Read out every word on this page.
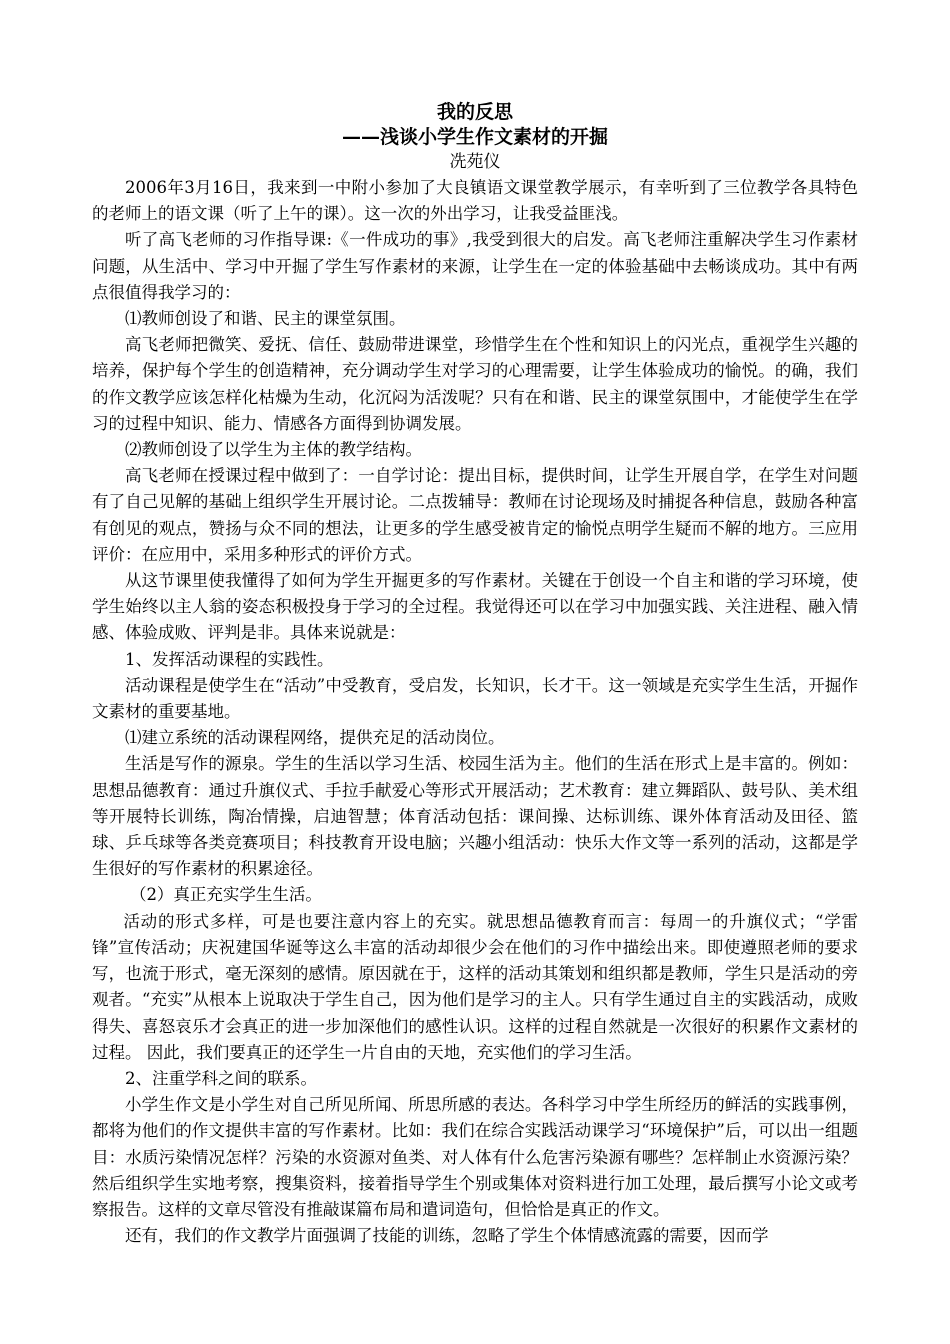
我的反思
——浅谈小学生作文素材的开掘
冼苑仪

2006年3月16日，我来到一中附小参加了大良镇语文课堂教学展示，有幸听到了三位教学各具特色的老师上的语文课（听了上午的课）。这一次的外出学习，让我受益匪浅。

听了高飞老师的习作指导课:《一件成功的事》,我受到很大的启发。高飞老师注重解决学生习作素材问题，从生活中、学习中开掘了学生写作素材的来源，让学生在一定的体验基础中去畅谈成功。其中有两点很值得我学习的：

⑴教师创设了和谐、民主的课堂氛围。

高飞老师把微笑、爱抚、信任、鼓励带进课堂，珍惜学生在个性和知识上的闪光点，重视学生兴趣的培养，保护每个学生的创造精神，充分调动学生对学习的心理需要，让学生体验成功的愉悦。的确，我们的作文教学应该怎样化枯燥为生动，化沉闷为活泼呢？只有在和谐、民主的课堂氛围中，才能使学生在学习的过程中知识、能力、情感各方面得到协调发展。

⑵教师创设了以学生为主体的教学结构。

高飞老师在授课过程中做到了：一自学讨论：提出目标，提供时间，让学生开展自学，在学生对问题有了自己见解的基础上组织学生开展讨论。二点拨辅导：教师在讨论现场及时捕捉各种信息，鼓励各种富有创见的观点，赞扬与众不同的想法，让更多的学生感受被肯定的愉悦点明学生疑而不解的地方。三应用评价：在应用中，采用多种形式的评价方式。

从这节课里使我懂得了如何为学生开掘更多的写作素材。关键在于创设一个自主和谐的学习环境，使学生始终以主人翁的姿态积极投身于学习的全过程。我觉得还可以在学习中加强实践、关注进程、融入情感、体验成败、评判是非。具体来说就是：

1、发挥活动课程的实践性。

活动课程是使学生在“活动”中受教育，受启发，长知识，长才干。这一领域是充实学生生活，开掘作文素材的重要基地。

⑴建立系统的活动课程网络，提供充足的活动岗位。

生活是写作的源泉。学生的生活以学习生活、校园生活为主。他们的生活在形式上是丰富的。例如：思想品德教育：通过升旗仪式、手拉手献爱心等形式开展活动；艺术教育：建立舞蹈队、鼓号队、美术组等开展特长训练，陶冶情操，启迪智慧；体育活动包括：课间操、达标训练、课外体育活动及田径、篮球、乒乓球等各类竞赛项目；科技教育开设电脑；兴趣小组活动：快乐大作文等一系列的活动，这都是学生很好的写作素材的积累途径。

（2）真正充实学生生活。

活动的形式多样，可是也要注意内容上的充实。就思想品德教育而言：每周一的升旗仪式；“学雷锋”宣传活动；庆祝建国华诞等这么丰富的活动却很少会在他们的习作中描绘出来。即使遵照老师的要求写，也流于形式，毫无深刻的感情。原因就在于，这样的活动其策划和组织都是教师，学生只是活动的旁观者。“充实”从根本上说取决于学生自己，因为他们是学习的主人。只有学生通过自主的实践活动，成败得失、喜怒哀乐才会真正的进一步加深他们的感性认识。这样的过程自然就是一次很好的积累作文素材的过程。 因此，我们要真正的还学生一片自由的天地，充实他们的学习生活。

2、注重学科之间的联系。

小学生作文是小学生对自己所见所闻、所思所感的表达。各科学习中学生所经历的鲜活的实践事例，都将为他们的作文提供丰富的写作素材。比如：我们在综合实践活动课学习“环境保护”后，可以出一组题目：水质污染情况怎样？污染的水资源对鱼类、对人体有什么危害污染源有哪些？怎样制止水资源污染？然后组织学生实地考察，搜集资料，接着指导学生个别或集体对资料进行加工处理，最后撰写小论文或考察报告。这样的文章尽管没有推敲谋篇布局和遣词造句，但恰恰是真正的作文。

还有，我们的作文教学片面强调了技能的训练，忽略了学生个体情感流露的需要，因而学
